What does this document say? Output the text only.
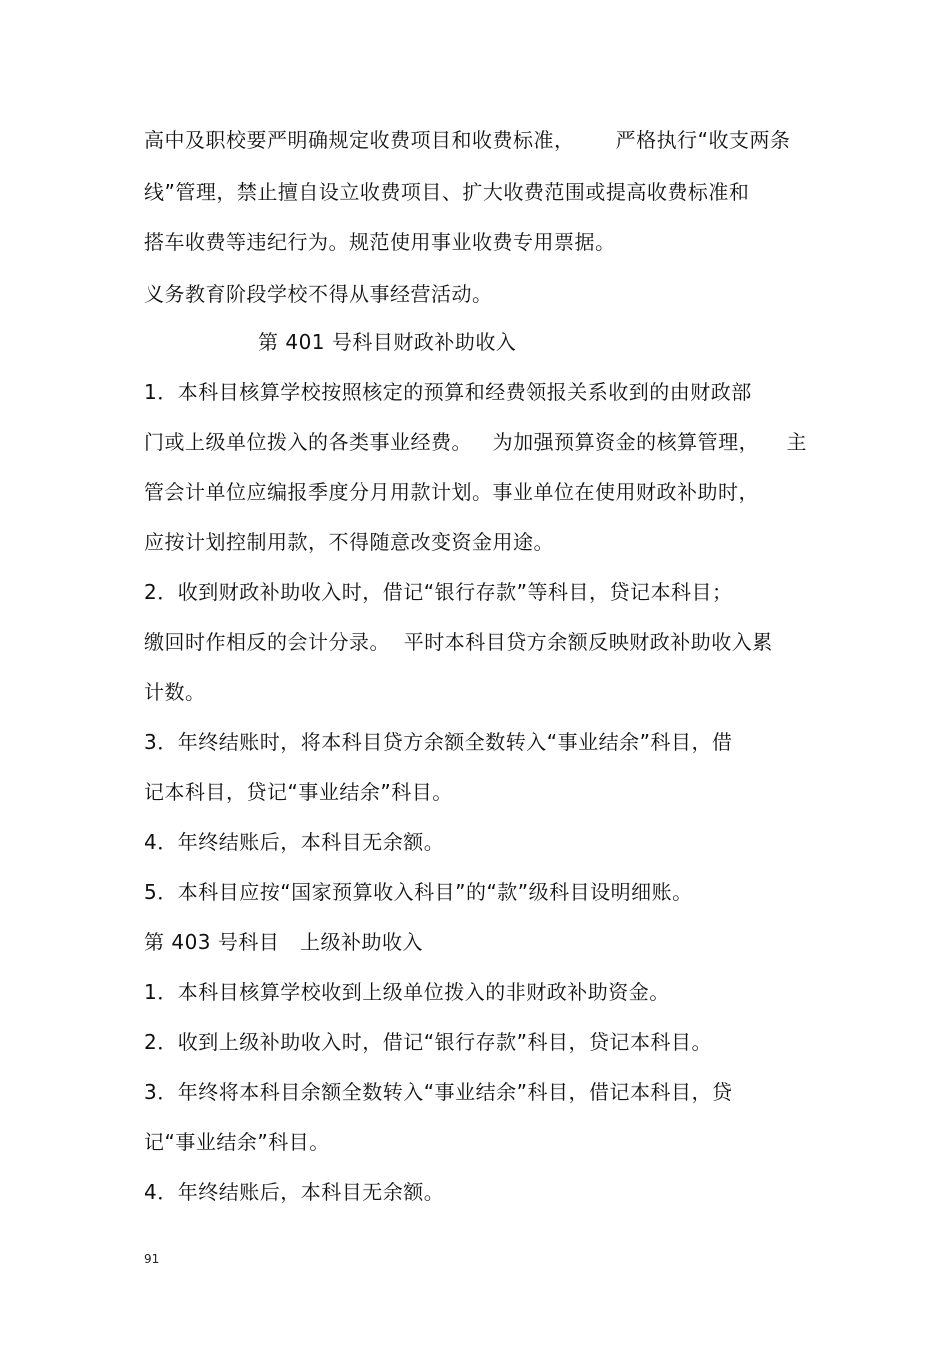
高中及职校要严明确规定收费项目和收费标准，      严格执行“收支两条
线”管理，禁止擅自设立收费项目、扩大收费范围或提高收费标准和
搭车收费等违纪行为。规范使用事业收费专用票据。
义务教育阶段学校不得从事经营活动。
第 401 号科目财政补助收入
1．本科目核算学校按照核定的预算和经费领报关系收到的由财政部
门或上级单位拨入的各类事业经费。   为加强预算资金的核算管理，    主
管会计单位应编报季度分月用款计划。事业单位在使用财政补助时，
应按计划控制用款，不得随意改变资金用途。
2．收到财政补助收入时，借记“银行存款”等科目，贷记本科目；
缴回时作相反的会计分录。  平时本科目贷方余额反映财政补助收入累
计数。
3．年终结账时，将本科目贷方余额全数转入“事业结余”科目，借
记本科目，贷记“事业结余”科目。
4．年终结账后，本科目无余额。
5．本科目应按“国家预算收入科目”的“款”级科目设明细账。
第 403 号科目   上级补助收入
1．本科目核算学校收到上级单位拨入的非财政补助资金。
2．收到上级补助收入时，借记“银行存款”科目，贷记本科目。
3．年终将本科目余额全数转入“事业结余”科目，借记本科目，贷
记“事业结余”科目。
4．年终结账后，本科目无余额。
91
